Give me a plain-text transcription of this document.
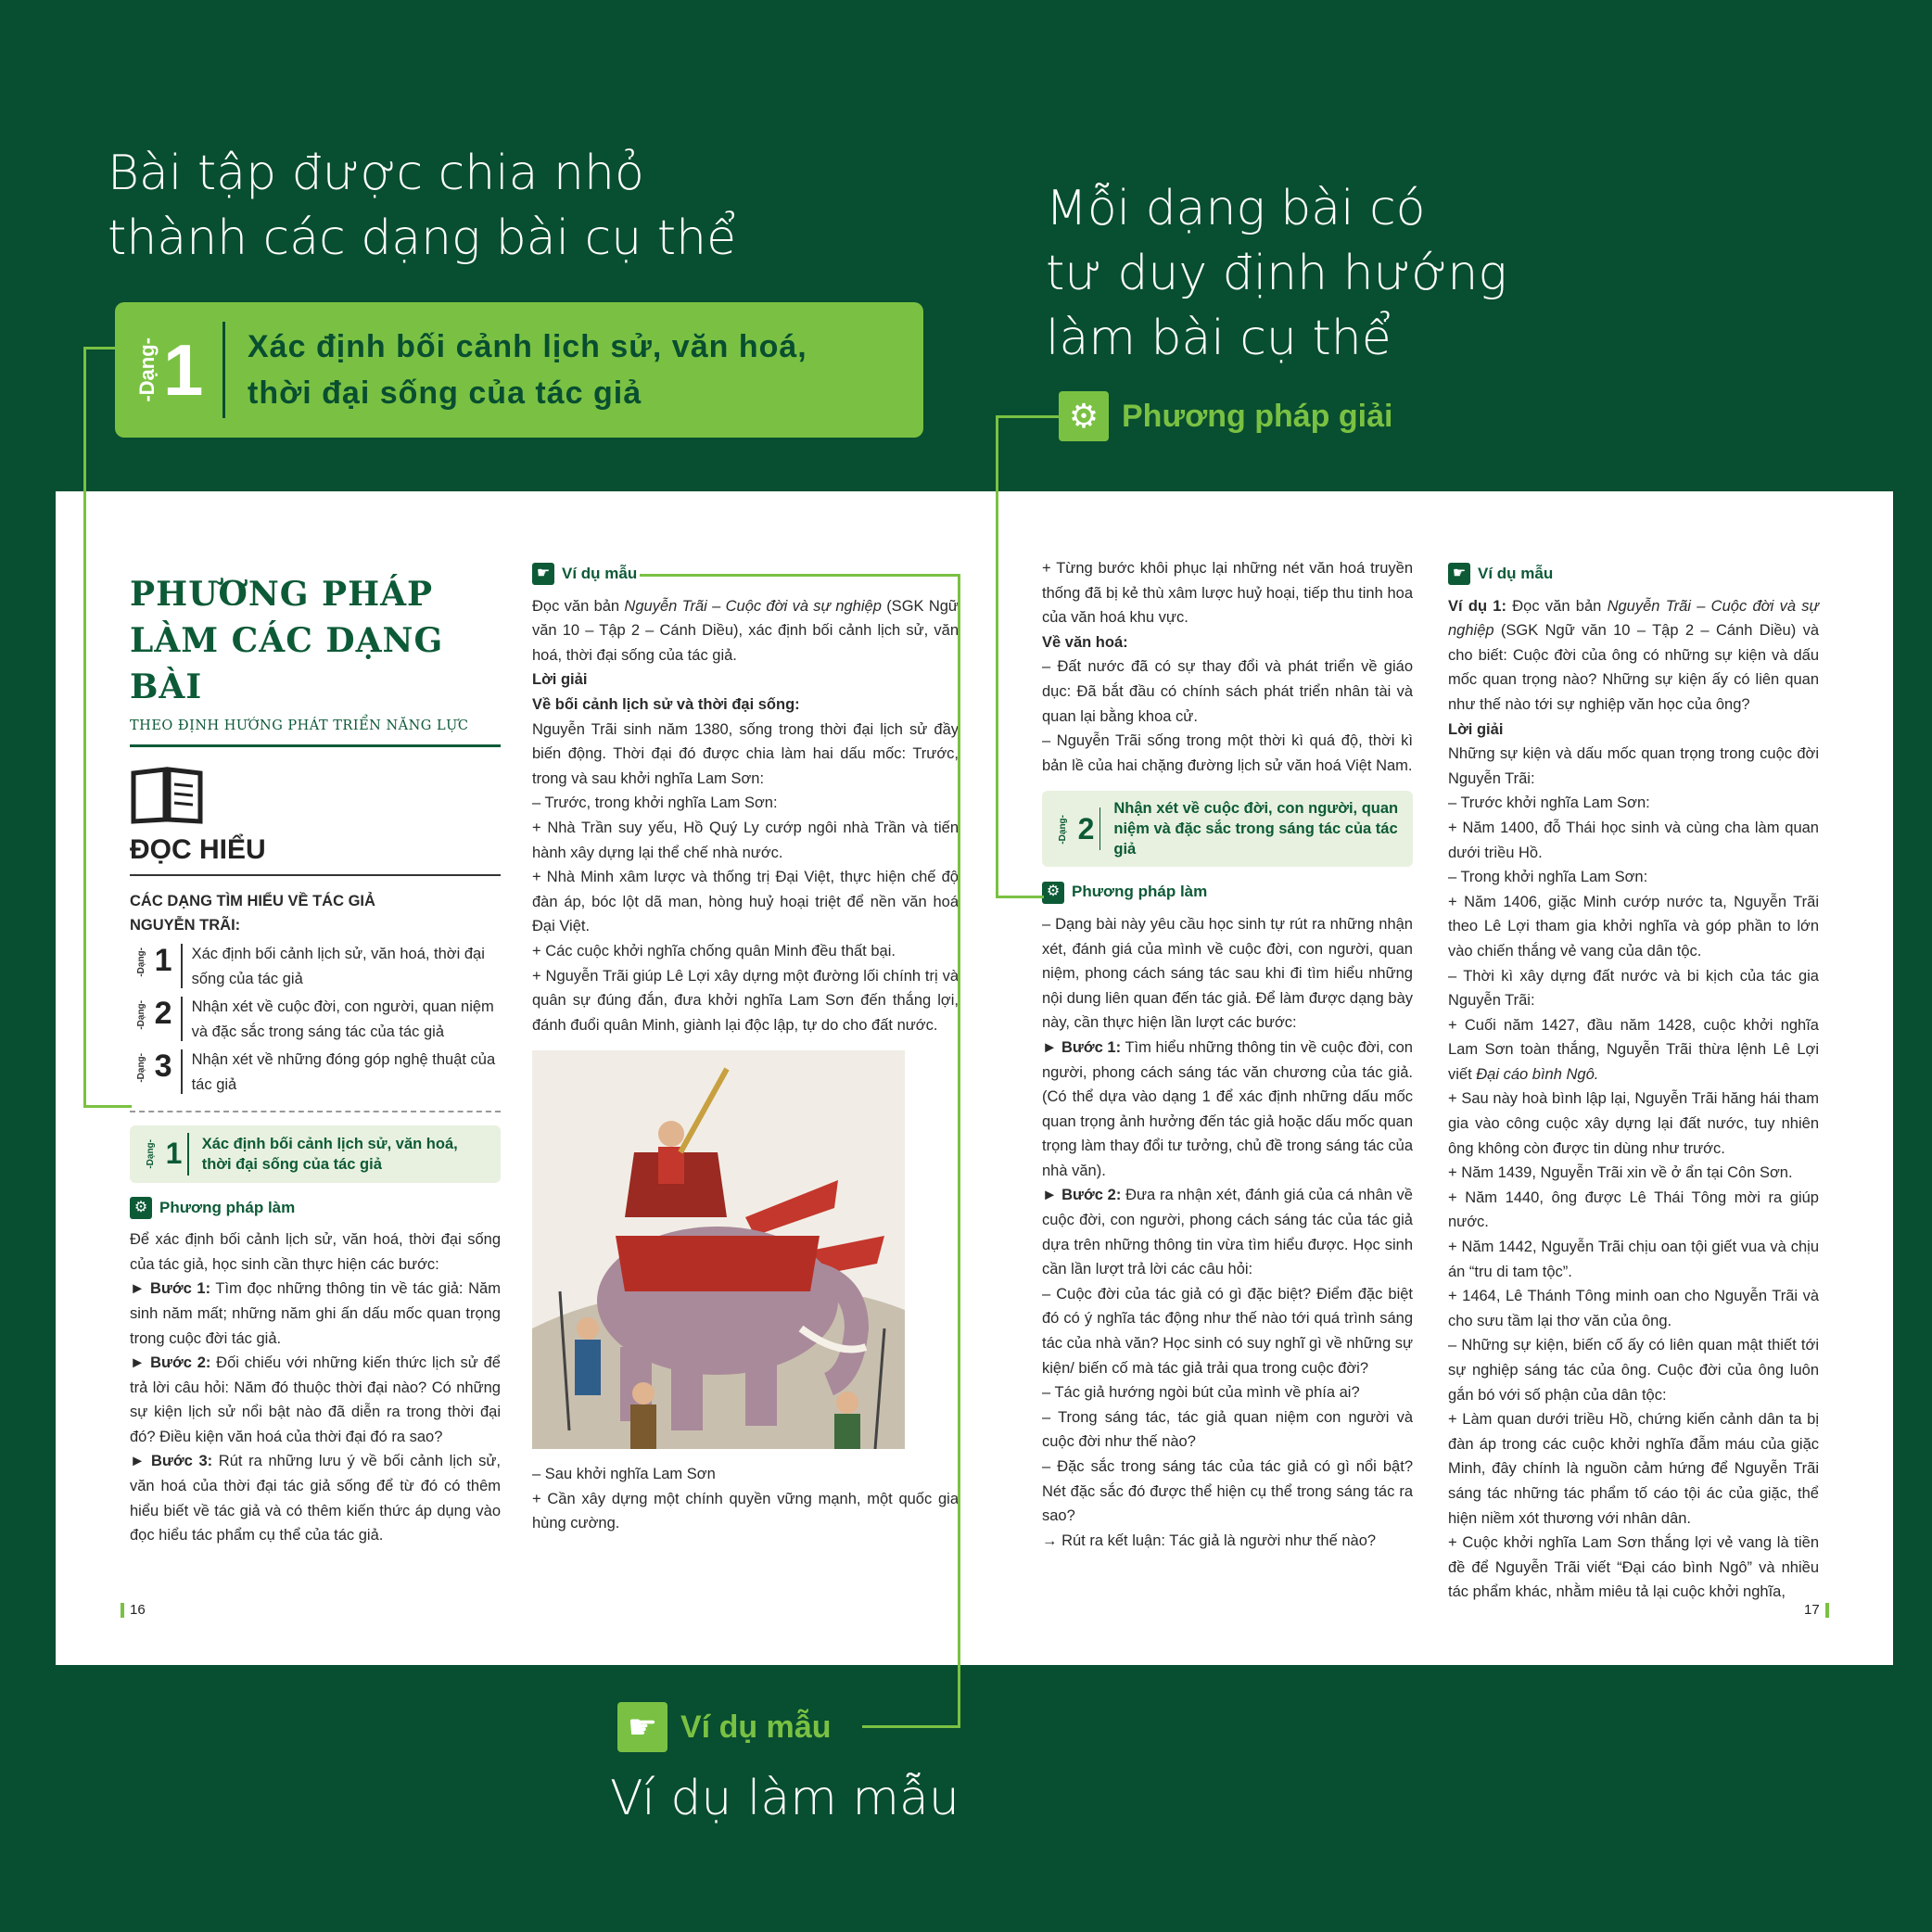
Bài tập được chia nhỏ
thành các dạng bài cụ thể
Mỗi dạng bài có
tư duy định hướng
làm bài cụ thể
Ví dụ làm mẫu
-Dạng- 1	Xác định bối cảnh lịch sử, văn hoá,
thời đại sống của tác giả
⚙ Phương pháp giải
☛ Ví dụ mẫu
PHƯƠNG PHÁP
LÀM CÁC DẠNG BÀI
THEO ĐỊNH HƯỚNG PHÁT TRIỂN NĂNG LỰC
ĐỌC HIỂU
CÁC DẠNG TÌM HIỂU VỀ TÁC GIẢ
NGUYỄN TRÃI:
-Dạng- 1	Xác định bối cảnh lịch sử, văn hoá, thời đại sống của tác giả
-Dạng- 2	Nhận xét về cuộc đời, con người, quan niệm và đặc sắc trong sáng tác của tác giả
-Dạng- 3	Nhận xét về những đóng góp nghệ thuật của tác giả
-Dạng- 1 Xác định bối cảnh lịch sử, văn hoá, thời đại sống của tác giả
⚙ Phương pháp làm

Để xác định bối cảnh lịch sử, văn hoá, thời đại sống của tác giả, học sinh cần thực hiện các bước:

► Bước 1: Tìm đọc những thông tin về tác giả: Năm sinh năm mất; những năm ghi ấn dấu mốc quan trọng trong cuộc đời tác giả.

► Bước 2: Đối chiếu với những kiến thức lịch sử để trả lời câu hỏi: Năm đó thuộc thời đại nào? Có những sự kiện lịch sử nổi bật nào đã diễn ra trong thời đại đó? Điều kiện văn hoá của thời đại đó ra sao?

► Bước 3: Rút ra những lưu ý về bối cảnh lịch sử, văn hoá của thời đại tác giả sống để từ đó có thêm hiểu biết về tác giả và có thêm kiến thức áp dụng vào đọc hiểu tác phẩm cụ thể của tác giả.

☛ Ví dụ mẫu

Đọc văn bản Nguyễn Trãi – Cuộc đời và sự nghiệp (SGK Ngữ văn 10 – Tập 2 – Cánh Diều), xác định bối cảnh lịch sử, văn hoá, thời đại sống của tác giả.

Lời giải

Về bối cảnh lịch sử và thời đại sống:

Nguyễn Trãi sinh năm 1380, sống trong thời đại lịch sử đầy biến động. Thời đại đó được chia làm hai dấu mốc: Trước, trong và sau khởi nghĩa Lam Sơn:

– Trước, trong khởi nghĩa Lam Sơn:

+ Nhà Trần suy yếu, Hồ Quý Ly cướp ngôi nhà Trần và tiến hành xây dựng lại thể chế nhà nước.

+ Nhà Minh xâm lược và thống trị Đại Việt, thực hiện chế độ đàn áp, bóc lột dã man, hòng huỷ hoại triệt để nền văn hoá Đại Việt.

+ Các cuộc khởi nghĩa chống quân Minh đều thất bại.

+ Nguyễn Trãi giúp Lê Lợi xây dựng một đường lối chính trị và quân sự đúng đắn, đưa khởi nghĩa Lam Sơn đến thắng lợi, đánh đuổi quân Minh, giành lại độc lập, tự do cho đất nước.

– Sau khởi nghĩa Lam Sơn

+ Cần xây dựng một chính quyền vững mạnh, một quốc gia hùng cường.

16

+ Từng bước khôi phục lại những nét văn hoá truyền thống đã bị kẻ thù xâm lược huỷ hoại, tiếp thu tinh hoa của văn hoá khu vực.

Về văn hoá:

– Đất nước đã có sự thay đổi và phát triển về giáo dục: Đã bắt đầu có chính sách phát triển nhân tài và quan lại bằng khoa cử.

– Nguyễn Trãi sống trong một thời kì quá độ, thời kì bản lề của hai chặng đường lịch sử văn hoá Việt Nam.

-Dạng- 2
Nhận xét về cuộc đời, con người, quan niệm và đặc sắc trong sáng tác của tác giả
⚙ Phương pháp làm

– Dạng bài này yêu cầu học sinh tự rút ra những nhận xét, đánh giá của mình về cuộc đời, con người, quan niệm, phong cách sáng tác sau khi đi tìm hiểu những nội dung liên quan đến tác giả. Để làm được dạng bày này, cần thực hiện lần lượt các bước:

► Bước 1: Tìm hiểu những thông tin về cuộc đời, con người, phong cách sáng tác văn chương của tác giả. (Có thể dựa vào dạng 1 để xác định những dấu mốc quan trọng ảnh hưởng đến tác giả hoặc dấu mốc quan trọng làm thay đổi tư tưởng, chủ đề trong sáng tác của nhà văn).

► Bước 2: Đưa ra nhận xét, đánh giá của cá nhân về cuộc đời, con người, phong cách sáng tác của tác giả dựa trên những thông tin vừa tìm hiểu được. Học sinh cần lần lượt trả lời các câu hỏi:

– Cuộc đời của tác giả có gì đặc biệt? Điểm đặc biệt đó có ý nghĩa tác động như thế nào tới quá trình sáng tác của nhà văn? Học sinh có suy nghĩ gì về những sự kiện/ biến cố mà tác giả trải qua trong cuộc đời?

– Tác giả hướng ngòi bút của mình về phía ai?

– Trong sáng tác, tác giả quan niệm con người và cuộc đời như thế nào?

– Đặc sắc trong sáng tác của tác giả có gì nổi bật? Nét đặc sắc đó được thể hiện cụ thể trong sáng tác ra sao?

→ Rút ra kết luận: Tác giả là người như thế nào?

☛ Ví dụ mẫu

Ví dụ 1: Đọc văn bản Nguyễn Trãi – Cuộc đời và sự nghiệp (SGK Ngữ văn 10 – Tập 2 – Cánh Diều) và cho biết: Cuộc đời của ông có những sự kiện và dấu mốc quan trọng nào? Những sự kiện ấy có liên quan như thế nào tới sự nghiệp văn học của ông?

Lời giải

Những sự kiện và dấu mốc quan trọng trong cuộc đời Nguyễn Trãi:

– Trước khởi nghĩa Lam Sơn:

+ Năm 1400, đỗ Thái học sinh và cùng cha làm quan dưới triều Hồ.

– Trong khởi nghĩa Lam Sơn:

+ Năm 1406, giặc Minh cướp nước ta, Nguyễn Trãi theo Lê Lợi tham gia khởi nghĩa và góp phần to lớn vào chiến thắng vẻ vang của dân tộc.

– Thời kì xây dựng đất nước và bi kịch của tác gia Nguyễn Trãi:

+ Cuối năm 1427, đầu năm 1428, cuộc khởi nghĩa Lam Sơn toàn thắng, Nguyễn Trãi thừa lệnh Lê Lợi viết Đại cáo bình Ngô.

+ Sau này hoà bình lập lại, Nguyễn Trãi hăng hái tham gia vào công cuộc xây dựng lại đất nước, tuy nhiên ông không còn được tin dùng như trước.

+ Năm 1439, Nguyễn Trãi xin về ở ẩn tại Côn Sơn.

+ Năm 1440, ông được Lê Thái Tông mời ra giúp nước.

+ Năm 1442, Nguyễn Trãi chịu oan tội giết vua và chịu án “tru di tam tộc”.

+ 1464, Lê Thánh Tông minh oan cho Nguyễn Trãi và cho sưu tầm lại thơ văn của ông.

– Những sự kiện, biến cố ấy có liên quan mật thiết tới sự nghiệp sáng tác của ông. Cuộc đời của ông luôn gắn bó với số phận của dân tộc:

+ Làm quan dưới triều Hồ, chứng kiến cảnh dân ta bị đàn áp trong các cuộc khởi nghĩa đẫm máu của giặc Minh, đây chính là nguồn cảm hứng để Nguyễn Trãi sáng tác những tác phẩm tố cáo tội ác của giặc, thể hiện niềm xót thương với nhân dân.

+ Cuộc khởi nghĩa Lam Sơn thắng lợi vẻ vang là tiền đề để Nguyễn Trãi viết “Đại cáo bình Ngô” và nhiều tác phẩm khác, nhằm miêu tả lại cuộc khởi nghĩa,

17
